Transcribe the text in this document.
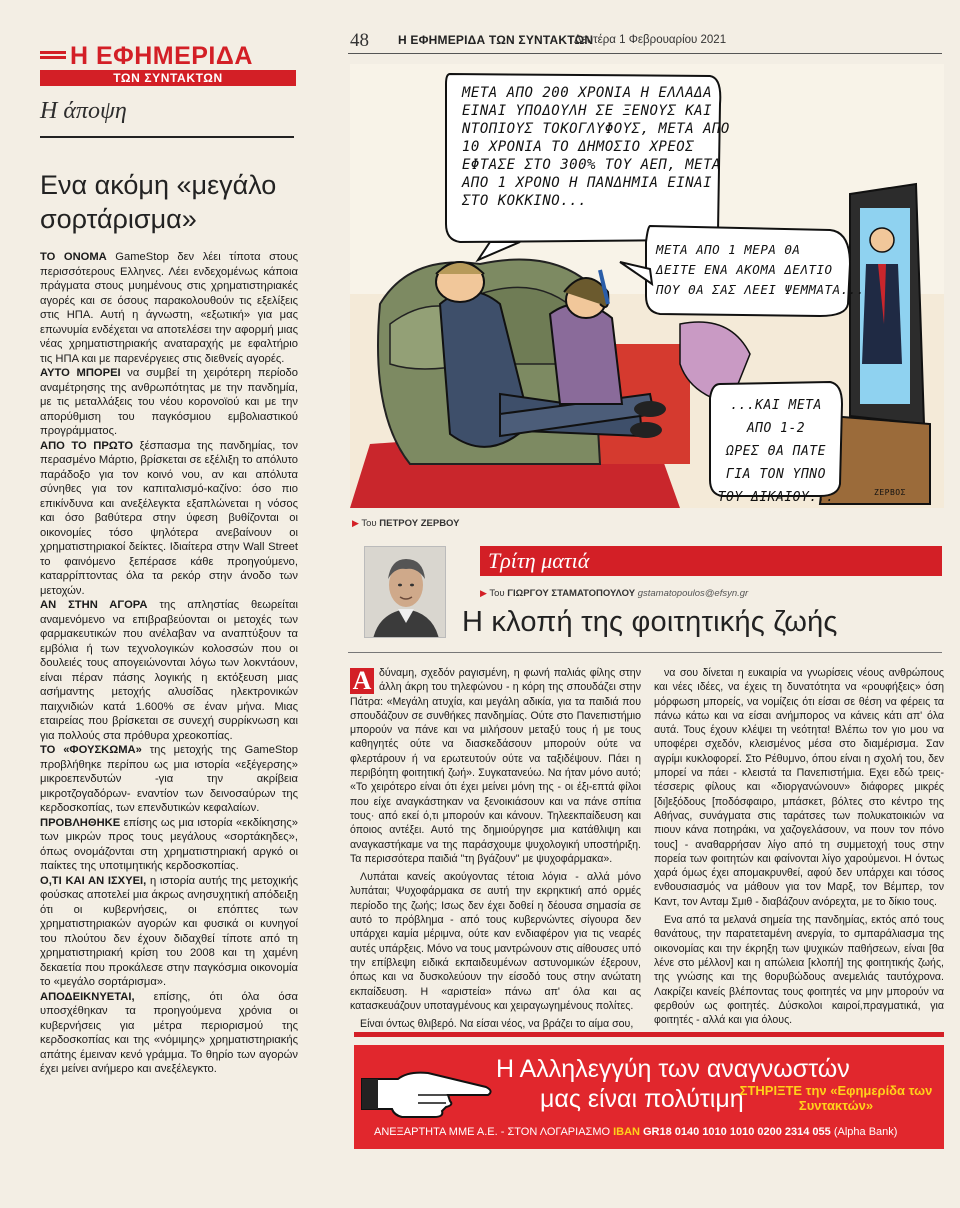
Η ΕΦΗΜΕΡΙΔΑ
ΤΩΝ ΣΥΝΤΑΚΤΩΝ
Η άποψη
Ενα ακόμη «μεγάλο σορτάρισμα»

ΤΟ ΟΝΟΜΑ GameStop δεν λέει τίποτα στους περισσότερους Ελληνες. Λέει ενδεχομένως κάποια πράγματα στους μυημένους στις χρηματιστηριακές αγορές και σε όσους παρακολουθούν τις εξελίξεις στις ΗΠΑ. Αυτή η άγνωστη, «εξωτική» για μας επωνυμία ενδέχεται να αποτελέσει την αφορμή μιας νέας χρηματιστηριακής αναταραχής με εφαλτήριο τις ΗΠΑ και με παρενέργειες στις διεθνείς αγορές.

ΑΥΤΟ ΜΠΟΡΕΙ να συμβεί τη χειρότερη περίοδο αναμέτρησης της ανθρωπότητας με την πανδημία, με τις μεταλλάξεις του νέου κορονοϊού και με την απορύθμιση του παγκόσμιου εμβολιαστικού προγράμματος.

ΑΠΟ ΤΟ ΠΡΩΤΟ ξέσπασμα της πανδημίας, τον περασμένο Μάρτιο, βρίσκεται σε εξέλιξη το απόλυτο παράδοξο για τον κοινό νου, αν και απόλυτα σύνηθες για τον καπιταλισμό-καζίνο: όσο πιο επικίνδυνα και ανεξέλεγκτα εξαπλώνεται η νόσος και όσο βαθύτερα στην ύφεση βυθίζονται οι οικονομίες τόσο ψηλότερα ανεβαίνουν οι χρηματιστηριακοί δείκτες. Ιδιαίτερα στην Wall Street το φαινόμενο ξεπέρασε κάθε προηγούμενο, καταρρίπτοντας όλα τα ρεκόρ στην άνοδο των μετοχών.

ΑΝ ΣΤΗΝ ΑΓΟΡΑ της απληστίας θεωρείται αναμενόμενο να επιβραβεύονται οι μετοχές των φαρμακευτικών που ανέλαβαν να αναπτύξουν τα εμβόλια ή των τεχνολογικών κολοσσών που οι δουλειές τους απογειώνονται λόγω των λοκντάουν, είναι πέραν πάσης λογικής η εκτόξευση μιας ασήμαντης μετοχής αλυσίδας ηλεκτρονικών παιχνιδιών κατά 1.600% σε έναν μήνα. Μιας εταιρείας που βρίσκεται σε συνεχή συρρίκνωση και για πολλούς στα πρόθυρα χρεοκοπίας.

ΤΟ «ΦΟΥΣΚΩΜΑ» της μετοχής της GameStop προβλήθηκε περίπου ως μια ιστορία «εξέγερσης» μικροεπενδυτών -για την ακρίβεια μικροτζογαδόρων- εναντίον των δεινοσαύρων της κερδοσκοπίας, των επενδυτικών κεφαλαίων.

ΠΡΟΒΛΗΘΗΚΕ επίσης ως μια ιστορία «εκδίκησης» των μικρών προς τους μεγάλους «σορτάκηδες», όπως ονομάζονται στη χρηματιστηριακή αργκό οι παίκτες της υποτιμητικής κερδοσκοπίας.

Ο,ΤΙ ΚΑΙ ΑΝ ΙΣΧΥΕΙ, η ιστορία αυτής της μετοχικής φούσκας αποτελεί μια άκρως ανησυχητική απόδειξη ότι οι κυβερνήσεις, οι επόπτες των χρηματιστηριακών αγορών και φυσικά οι κυνηγοί του πλούτου δεν έχουν διδαχθεί τίποτε από τη χρηματιστηριακή κρίση του 2008 και τη χαμένη δεκαετία που προκάλεσε στην παγκόσμια οικονομία το «μεγάλο σορτάρισμα».

ΑΠΟΔΕΙΚΝΥΕΤΑΙ, επίσης, ότι όλα όσα υποσχέθηκαν τα προηγούμενα χρόνια οι κυβερνήσεις για μέτρα περιορισμού της κερδοσκοπίας και της «νόμιμης» χρηματιστηριακής απάτης έμειναν κενό γράμμα. Το θηρίο των αγορών έχει μείνει ανήμερο και ανεξέλεγκτο.

48 Η ΕΦΗΜΕΡΙΔΑ ΤΩΝ ΣΥΝΤΑΚΤΩΝ
Δευτέρα 1 Φεβρουαρίου 2021
ΜΕΤΑ ΑΠΟ 200 ΧΡΟΝΙΑ Η ΕΛΛΑΔΑ
ΕΙΝΑΙ ΥΠΟΔΟΥΛΗ ΣΕ ΞΕΝΟΥΣ ΚΑΙ
ΝΤΟΠΙΟΥΣ ΤΟΚΟΓΛΥΦΟΥΣ, ΜΕΤΑ ΑΠΟ
10 ΧΡΟΝΙΑ ΤΟ ΔΗΜΟΣΙΟ ΧΡΕΟΣ
ΕΦΤΑΣΕ ΣΤΟ 300% ΤΟΥ ΑΕΠ, ΜΕΤΑ
ΑΠΟ 1 ΧΡΟΝΟ Η ΠΑΝΔΗΜΙΑ ΕΙΝΑΙ
ΣΤΟ ΚΟΚΚΙΝΟ...
ΜΕΤΑ ΑΠΟ 1 ΜΕΡΑ ΘΑ
ΔΕΙΤΕ ΕΝΑ ΑΚΟΜΑ ΔΕΛΤΙΟ
ΠΟΥ ΘΑ ΣΑΣ ΛΕΕΙ ΨΕΜΜΑΤΑ...
...ΚΑΙ ΜΕΤΑ ΑΠΟ 1-2
ΩΡΕΣ ΘΑ ΠΑΤΕ
ΓΙΑ ΤΟΝ ΥΠΝΟ
ΤΟΥ ΔΙΚΑΙΟΥ...	ΖΕΡΒΟΣ
▶ Του ΠΕΤΡΟΥ ΖΕΡΒΟΥ
Τρίτη ματιά
▶ Του ΓΙΩΡΓΟΥ ΣΤΑΜΑΤΟΠΟΥΛΟΥ gstamatopoulos@efsyn.gr
Η κλοπή της φοιτητικής ζωής

Α δύναμη, σχεδόν ραγισμένη, η φωνή παλιάς φίλης στην άλλη άκρη του τηλεφώνου - η κόρη της σπουδάζει στην Πάτρα: «Μεγάλη ατυχία, και μεγάλη αδικία, για τα παιδιά που σπουδάζουν σε συνθήκες πανδημίας. Ούτε στο Πανεπιστήμιο μπορούν να πάνε και να μιλήσουν μεταξύ τους ή με τους καθηγητές ούτε να διασκεδάσουν μπορούν ούτε να φλερτάρουν ή να ερωτευτούν ούτε να ταξιδέψουν. Πάει η περιβόητη φοιτητική ζωή». Συγκατανεύω. Να ήταν μόνο αυτό; «Το χειρότερο είναι ότι έχει μείνει μόνη της - οι έξι-επτά φίλοι που είχε αναγκάστηκαν να ξενοικιάσουν και να πάνε σπίτια τους· από εκεί ό,τι μπορούν και κάνουν. Τηλεεκπαίδευση και όποιος αντέξει. Αυτό της δημιούργησε μια κατάθλιψη και αναγκαστήκαμε να της παράσχουμε ψυχολογική υποστήριξη. Τα περισσότερα παιδιά "τη βγάζουν" με ψυχοφάρμακα».

Λυπάται κανείς ακούγοντας τέτοια λόγια - αλλά μόνο λυπάται; Ψυχοφάρμακα σε αυτή την εκρηκτική από ορμές περίοδο της ζωής; Ισως δεν έχει δοθεί η δέουσα σημασία σε αυτό το πρόβλημα - από τους κυβερνώντες σίγουρα δεν υπάρχει καμία μέριμνα, ούτε καν ενδιαφέρον για τις νεαρές αυτές υπάρξεις. Μόνο να τους μαντρώνουν στις αίθουσες υπό την επίβλεψη ειδικά εκπαιδευμένων αστυνομικών έξερουν, όπως και να δυσκολεύουν την είσοδό τους στην ανώτατη εκπαίδευση. Η «αριστεία» πάνω απ' όλα και ας κατασκευάζουν υποταγμένους και χειραγωγημένους πολίτες.

Είναι όντως θλιβερό. Να είσαι νέος, να βράζει το αίμα σου,

να σου δίνεται η ευκαιρία να γνωρίσεις νέους ανθρώπους και νέες ιδέες, να έχεις τη δυνατότητα να «ρουφήξεις» όση μόρφωση μπορείς, να νομίζεις ότι είσαι σε θέση να φέρεις τα πάνω κάτω και να είσαι ανήμπορος να κάνεις κάτι απ' όλα αυτά. Τους έχουν κλέψει τη νεότητα! Βλέπω τον γιο μου να υποφέρει σχεδόν, κλεισμένος μέσα στο διαμέρισμα. Σαν αγρίμι κυκλοφορεί. Στο Ρέθυμνο, όπου είναι η σχολή του, δεν μπορεί να πάει - κλειστά τα Πανεπιστήμια. Εχει εδώ τρεις-τέσσερις φίλους και «διοργανώνουν» διάφορες μικρές [δι]εξόδους [ποδόσφαιρο, μπάσκετ, βόλτες στο κέντρο της Αθήνας, συνάγματα στις ταράτσες των πολυκατοικιών να πιουν κάνα ποτηράκι, να χαζογελάσουν, να πουν τον πόνο τους] - αναθαρρήσαν λίγο από τη συμμετοχή τους στην πορεία των φοιτητών και φαίνονται λίγο χαρούμενοι. Η όντως χαρά όμως έχει απομακρυνθεί, αφού δεν υπάρχει και τόσος ενθουσιασμός να μάθουν για τον Μαρξ, τον Βέμπερ, τον Καντ, τον Ανταμ Σμιθ - διαβάζουν ανόρεχτα, με το δίκιο τους.

Ενα από τα μελανά σημεία της πανδημίας, εκτός από τους θανάτους, την παρατεταμένη ανεργία, το σμπαράλιασμα της οικονομίας και την έκρηξη των ψυχικών παθήσεων, είναι [θα λένε στο μέλλον] και η απώλεια [κλοπή] της φοιτητικής ζωής, της γνώσης και της θορυβώδους ανεμελιάς ταυτόχρονα. Λακρίζει κανείς βλέποντας τους φοιτητές να μην μπορούν να φερθούν ως φοιτητές. Δύσκολοι καιροί,πραγματικά, για φοιτητές - αλλά και για όλους.

Η Αλληλεγγύη των αναγνωστών
μας είναι πολύτιμη
ΣΤΗΡΙΞΤΕ την «Εφημερίδα των Συντακτών»
ΑΝΕΞΑΡΤΗΤΑ ΜΜΕ Α.Ε. - ΣΤΟΝ ΛΟΓΑΡΙΑΣΜΟ IBAN GR18 0140 1010 1010 0200 2314 055 (Alpha Bank)
